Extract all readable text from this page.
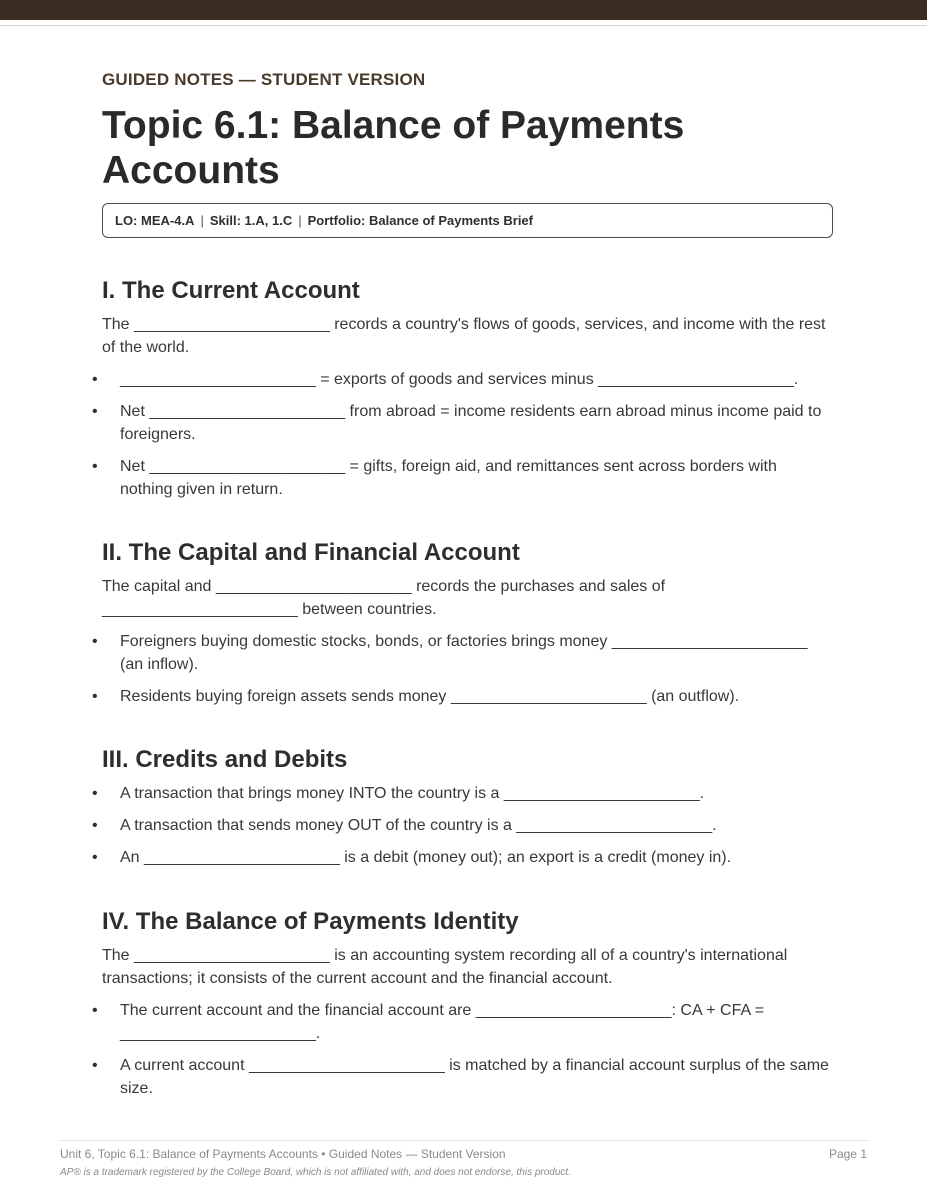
GUIDED NOTES — STUDENT VERSION
Topic 6.1: Balance of Payments Accounts
LO: MEA-4.A | Skill: 1.A, 1.C | Portfolio: Balance of Payments Brief
I. The Current Account

The ______________________ records a country's flows of goods, services, and income with the rest of the world.

• ______________________ = exports of goods and services minus ______________________.
• Net ______________________ from abroad = income residents earn abroad minus income paid to foreigners.
• Net ______________________ = gifts, foreign aid, and remittances sent across borders with nothing given in return.
II. The Capital and Financial Account

The capital and ______________________ records the purchases and sales of ______________________ between countries.

• Foreigners buying domestic stocks, bonds, or factories brings money ______________________ (an inflow).
• Residents buying foreign assets sends money ______________________ (an outflow).
III. Credits and Debits
• A transaction that brings money INTO the country is a ______________________.
• A transaction that sends money OUT of the country is a ______________________.
• An ______________________ is a debit (money out); an export is a credit (money in).
IV. The Balance of Payments Identity

The ______________________ is an accounting system recording all of a country's international transactions; it consists of the current account and the financial account.

• The current account and the financial account are ______________________: CA + CFA = ______________________.
• A current account ______________________ is matched by a financial account surplus of the same size.
Unit 6, Topic 6.1: Balance of Payments Accounts • Guided Notes — Student Version	Page 1
AP® is a trademark registered by the College Board, which is not affiliated with, and does not endorse, this product.
